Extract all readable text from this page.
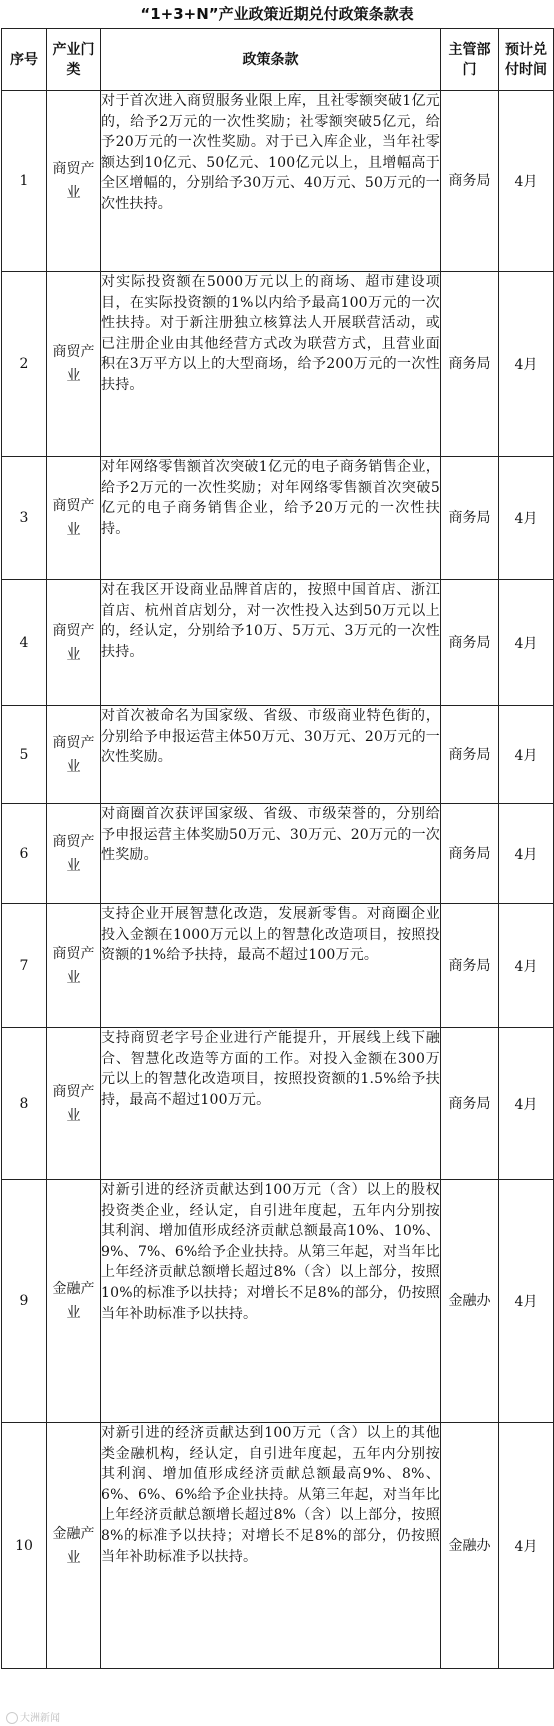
“1+3+N”产业政策近期兑付政策条款表
序号	产业门类	政策条款	主管部门	预计兑付时间
1	商贸产业	对于首次进入商贸服务业限上库，且社零额突破1亿元的，给予2万元的一次性奖励；社零额突破5亿元，给予20万元的一次性奖励。对于已入库企业，当年社零额达到10亿元、50亿元、100亿元以上，且增幅高于全区增幅的，分别给予30万元、40万元、50万元的一次性扶持。	商务局	4月
2	商贸产业	对实际投资额在5000万元以上的商场、超市建设项目，在实际投资额的1%以内给予最高100万元的一次性扶持。对于新注册独立核算法人开展联营活动，或已注册企业由其他经营方式改为联营方式，且营业面积在3万平方以上的大型商场，给予200万元的一次性扶持。	商务局	4月
3	商贸产业	对年网络零售额首次突破1亿元的电子商务销售企业，给予2万元的一次性奖励；对年网络零售额首次突破5亿元的电子商务销售企业，给予20万元的一次性扶持。	商务局	4月
4	商贸产业	对在我区开设商业品牌首店的，按照中国首店、浙江首店、杭州首店划分，对一次性投入达到50万元以上的，经认定，分别给予10万、5万元、3万元的一次性扶持。	商务局	4月
5	商贸产业	对首次被命名为国家级、省级、市级商业特色街的，分别给予申报运营主体50万元、30万元、20万元的一次性奖励。	商务局	4月
6	商贸产业	对商圈首次获评国家级、省级、市级荣誉的，分别给予申报运营主体奖励50万元、30万元、20万元的一次性奖励。	商务局	4月
7	商贸产业	支持企业开展智慧化改造，发展新零售。对商圈企业投入金额在1000万元以上的智慧化改造项目，按照投资额的1%给予扶持，最高不超过100万元。	商务局	4月
8	商贸产业	支持商贸老字号企业进行产能提升，开展线上线下融合、智慧化改造等方面的工作。对投入金额在300万元以上的智慧化改造项目，按照投资额的1.5%给予扶持，最高不超过100万元。	商务局	4月
9	金融产业	对新引进的经济贡献达到100万元（含）以上的股权投资类企业，经认定，自引进年度起，五年内分别按其利润、增加值形成经济贡献总额最高10%、10%、9%、7%、6%给予企业扶持。从第三年起，对当年比上年经济贡献总额增长超过8%（含）以上部分，按照10%的标准予以扶持；对增长不足8%的部分，仍按照当年补助标准予以扶持。	金融办	4月
10	金融产业	对新引进的经济贡献达到100万元（含）以上的其他类金融机构，经认定，自引进年度起，五年内分别按其利润、增加值形成经济贡献总额最高9%、8%、6%、6%、6%给予企业扶持。从第三年起，对当年比上年经济贡献总额增长超过8%（含）以上部分，按照8%的标准予以扶持；对增长不足8%的部分，仍按照当年补助标准予以扶持。	金融办	4月
大洲新闻
